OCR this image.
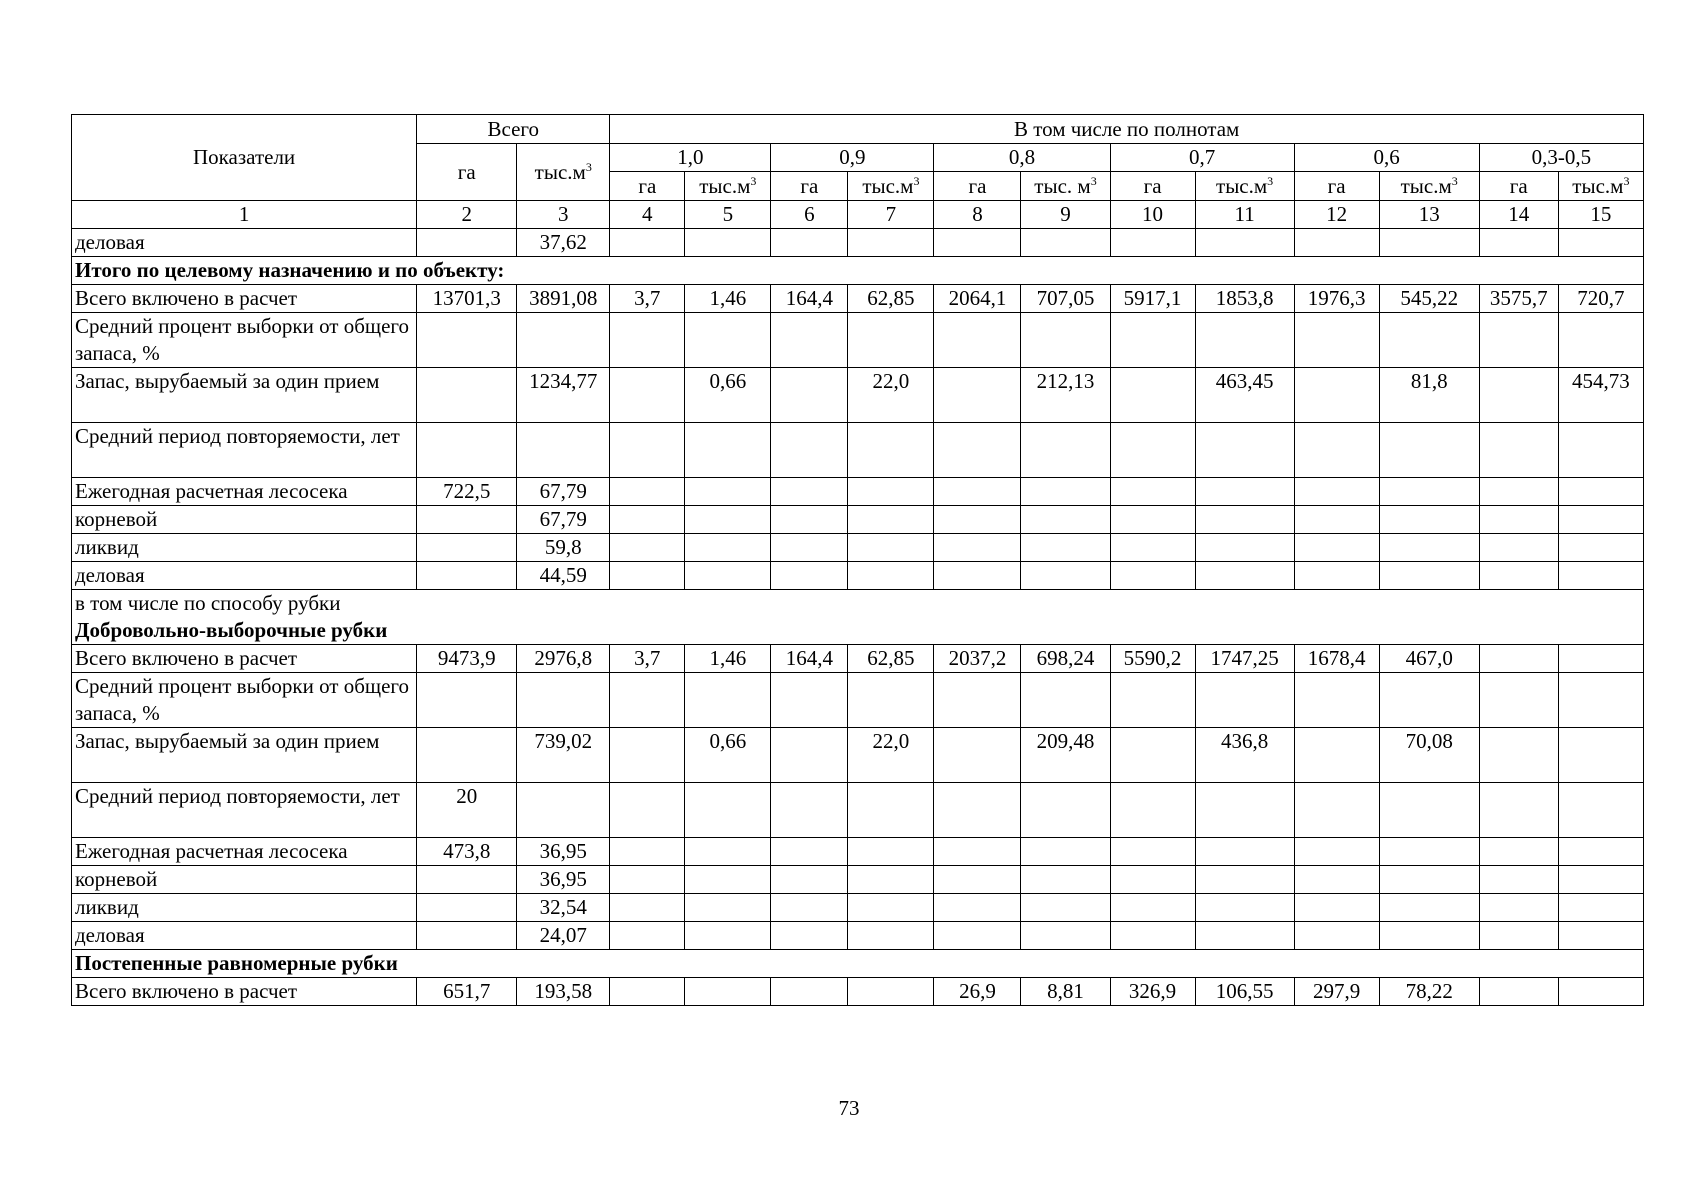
Показатели	Всего		В том числе по полнотам											
	га	$тыс.м^3$	1,0		0,9		0,8		0,7		0,6		0,3-0,5	
			га	$тыс.м^3$	га	$тыс.м^3$	га	тыс. $м^3$	га	$тыс.м^3$	га	$тыс.м^3$	га	$тыс.м^3$
1	2	3	4	5	6	7	8	9	10	11	12	13	14	15
деловая		37,62												
Итого по целевому назначению и по объекту:														
Всего включено в расчет	13701,3	3891,08	3,7	1,46	164,4	62,85	2064,1	707,05	5917,1	1853,8	1976,3	545,22	3575,7	720,7
Средний процент выборки от общего запаса, %														
Запас, вырубаемый за один прием		1234,77		0,66		22,0		212,13		463,45		81,8		454,73
Средний период повторяемости, лет														
Ежегодная расчетная лесосека	722,5	67,79												
корневой		67,79												
ликвид		59,8												
деловая		44,59												

в том числе по способу рубки
Добровольно-выборочные рубки														

Всего включено в расчет	9473,9	2976,8	3,7	1,46	164,4	62,85	2037,2	698,24	5590,2	1747,25	1678,4	467,0		
Средний процент выборки от общего запаса, %														
Запас, вырубаемый за один прием		739,02		0,66		22,0		209,48		436,8		70,08		
Средний период повторяемости, лет	20													
Ежегодная расчетная лесосека	473,8	36,95												
корневой		36,95												
ликвид		32,54												
деловая		24,07												
Постепенные равномерные рубки														
Всего включено в расчет	651,7	193,58					26,9	8,81	326,9	106,55	297,9	78,22		
73
